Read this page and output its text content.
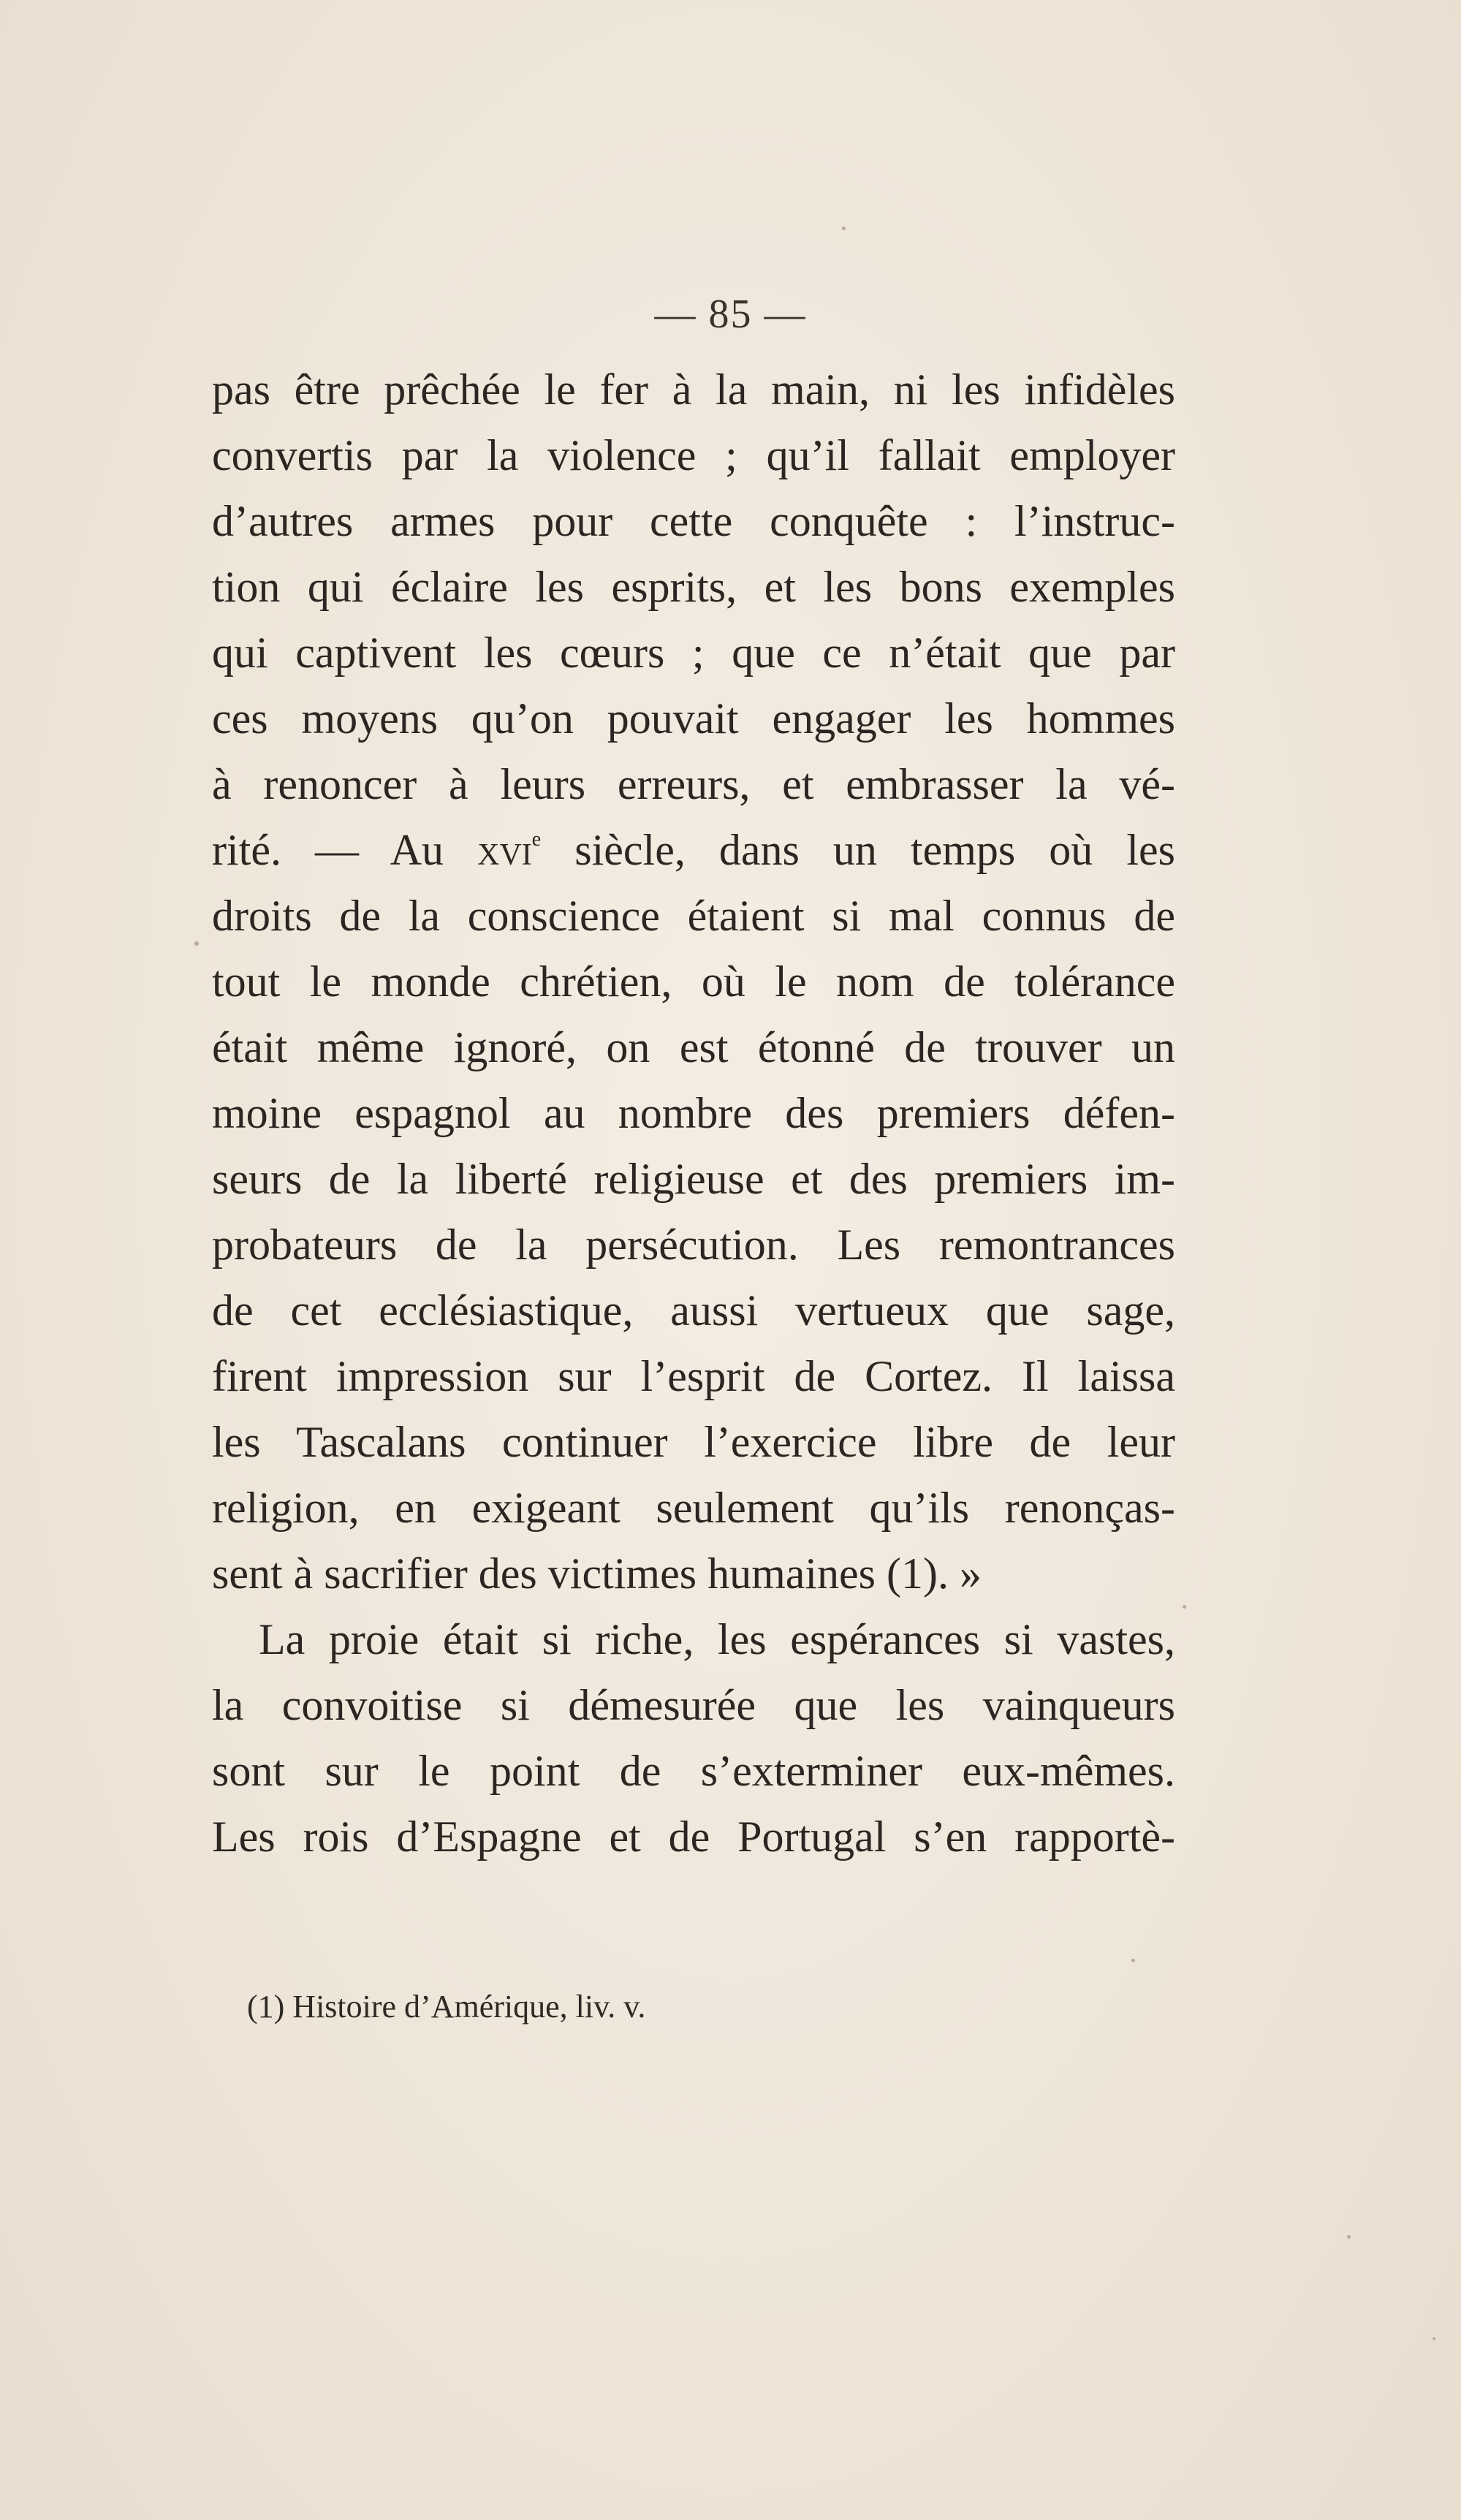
— 85 —
pas être prêchée le fer à la main, ni les infidèles
convertis par la violence ; qu’il fallait employer
d’autres armes pour cette conquête : l’instruc-
tion qui éclaire les esprits, et les bons exemples
qui captivent les cœurs ; que ce n’était que par
ces moyens qu’on pouvait engager les hommes
à renoncer à leurs erreurs, et embrasser la vé-
rité. — Au xvi$^e$ siècle, dans un temps où les
droits de la conscience étaient si mal connus de
tout le monde chrétien, où le nom de tolérance
était même ignoré, on est étonné de trouver un
moine espagnol au nombre des premiers défen-
seurs de la liberté religieuse et des premiers im-
probateurs de la persécution. Les remontrances
de cet ecclésiastique, aussi vertueux que sage,
firent impression sur l’esprit de Cortez. Il laissa
les Tascalans continuer l’exercice libre de leur
religion, en exigeant seulement qu’ils renonças-
sent à sacrifier des victimes humaines (1). »
La proie était si riche, les espérances si vastes,
la convoitise si démesurée que les vainqueurs
sont sur le point de s’exterminer eux-mêmes.
Les rois d’Espagne et de Portugal s’en rapportè-
(1) Histoire d’Amérique, liv. v.
